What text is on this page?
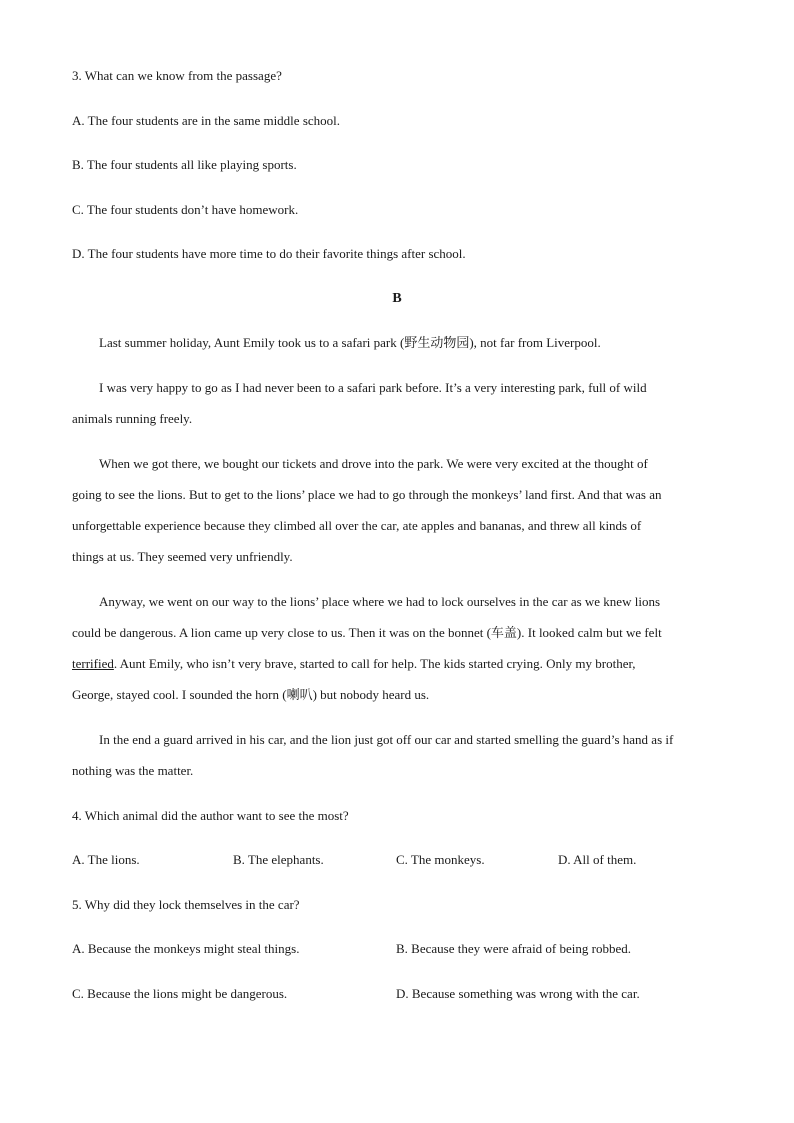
3. What can we know from the passage?
A. The four students are in the same middle school.
B. The four students all like playing sports.
C. The four students don’t have homework.
D. The four students have more time to do their favorite things after school.
B
Last summer holiday, Aunt Emily took us to a safari park (野生动物园), not far from Liverpool.
I was very happy to go as I had never been to a safari park before. It’s a very interesting park, full of wild
animals running freely.
When we got there, we bought our tickets and drove into the park. We were very excited at the thought of
going to see the lions. But to get to the lions’ place we had to go through the monkeys’ land first. And that was an
unforgettable experience because they climbed all over the car, ate apples and bananas, and threw all kinds of
things at us. They seemed very unfriendly.
Anyway, we went on our way to the lions’ place where we had to lock ourselves in the car as we knew lions
could be dangerous. A lion came up very close to us. Then it was on the bonnet (车盖). It looked calm but we felt
terrified. Aunt Emily, who isn’t very brave, started to call for help. The kids started crying. Only my brother,
George, stayed cool. I sounded the horn (喇叭) but nobody heard us.
In the end a guard arrived in his car, and the lion just got off our car and started smelling the guard’s hand as if
nothing was the matter.
4. Which animal did the author want to see the most?
A. The lions.	B. The elephants.	C. The monkeys.	D. All of them.
5. Why did they lock themselves in the car?
A. Because the monkeys might steal things.	B. Because they were afraid of being robbed.
C. Because the lions might be dangerous.	D. Because something was wrong with the car.
